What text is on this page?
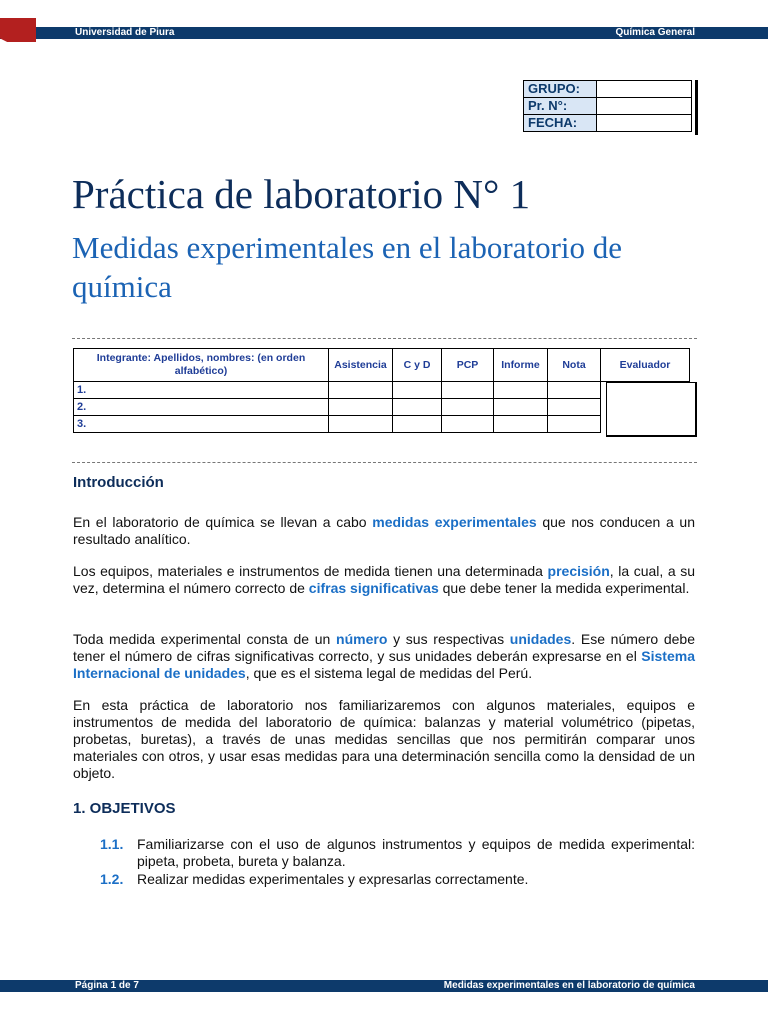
Universidad de Piura	Química General
GRUPO:	
Pr. N°:	
FECHA:	
Práctica de laboratorio N° 1
Medidas experimentales en el laboratorio de química
Integrante: Apellidos, nombres: (en orden alfabético)	Asistencia	C y D	PCP	Informe	Nota	Evaluador
1.						
2.						
3.						
Introducción

En el laboratorio de química se llevan a cabo medidas experimentales que nos conducen a un resultado analítico.

Los equipos, materiales e instrumentos de medida tienen una determinada precisión, la cual, a su vez, determina el número correcto de cifras significativas que debe tener la medida experimental.

Toda medida experimental consta de un número y sus respectivas unidades. Ese número debe tener el número de cifras significativas correcto, y sus unidades deberán expresarse en el Sistema Internacional de unidades, que es el sistema legal de medidas del Perú.

En esta práctica de laboratorio nos familiarizaremos con algunos materiales, equipos e instrumentos de medida del laboratorio de química: balanzas y material volumétrico (pipetas, probetas, buretas), a través de unas medidas sencillas que nos permitirán comparar unos materiales con otros, y usar esas medidas para una determinación sencilla como la densidad de un objeto.

1. OBJETIVOS
1.1. Familiarizarse con el uso de algunos instrumentos y equipos de medida experimental: pipeta, probeta, bureta y balanza.
1.2. Realizar medidas experimentales y expresarlas correctamente.
Página 1 de 7	Medidas experimentales en el laboratorio de química
